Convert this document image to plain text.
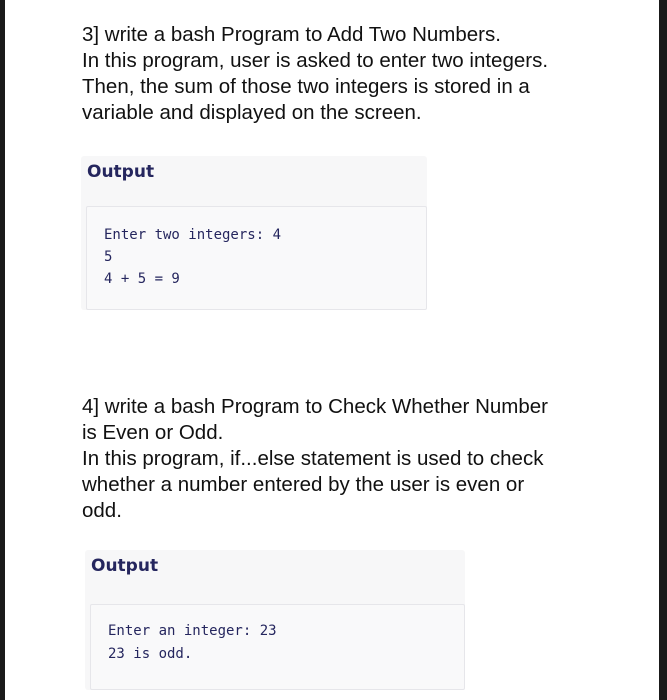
3] write a bash Program to Add Two Numbers.
In this program, user is asked to enter two integers.
Then, the sum of those two integers is stored in a
variable and displayed on the screen.
Output
Enter two integers: 4
5
4 + 5 = 9
4] write a bash Program to Check Whether Number
is Even or Odd.
In this program, if...else statement is used to check
whether a number entered by the user is even or
odd.
Output
Enter an integer: 23
23 is odd.
